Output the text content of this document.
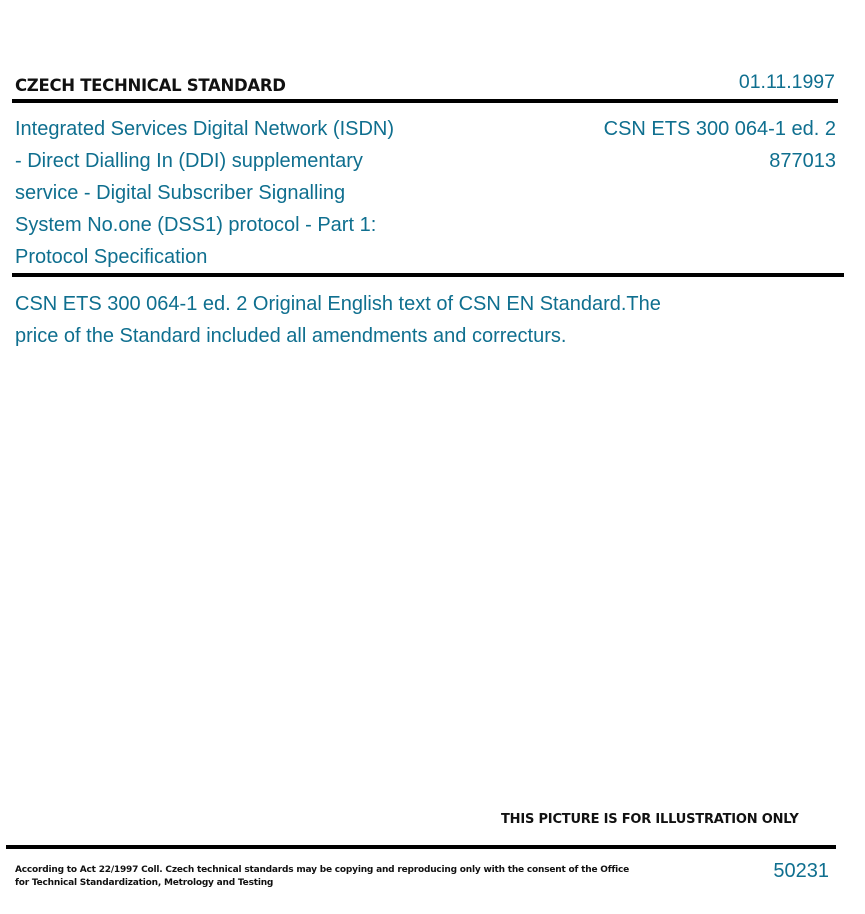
CZECH TECHNICAL STANDARD	01.11.1997
Integrated Services Digital Network (ISDN)
- Direct Dialling In (DDI) supplementary
service - Digital Subscriber Signalling
System No.one (DSS1) protocol - Part 1:
Protocol Specification
CSN ETS 300 064-1 ed. 2
877013
CSN ETS 300 064-1 ed. 2 Original English text of CSN EN Standard.The
price of the Standard included all amendments and correcturs.
THIS PICTURE IS FOR ILLUSTRATION ONLY
According to Act 22/1997 Coll. Czech technical standards may be copying and reproducing only with the consent of the Office
for Technical Standardization, Metrology and Testing
50231
